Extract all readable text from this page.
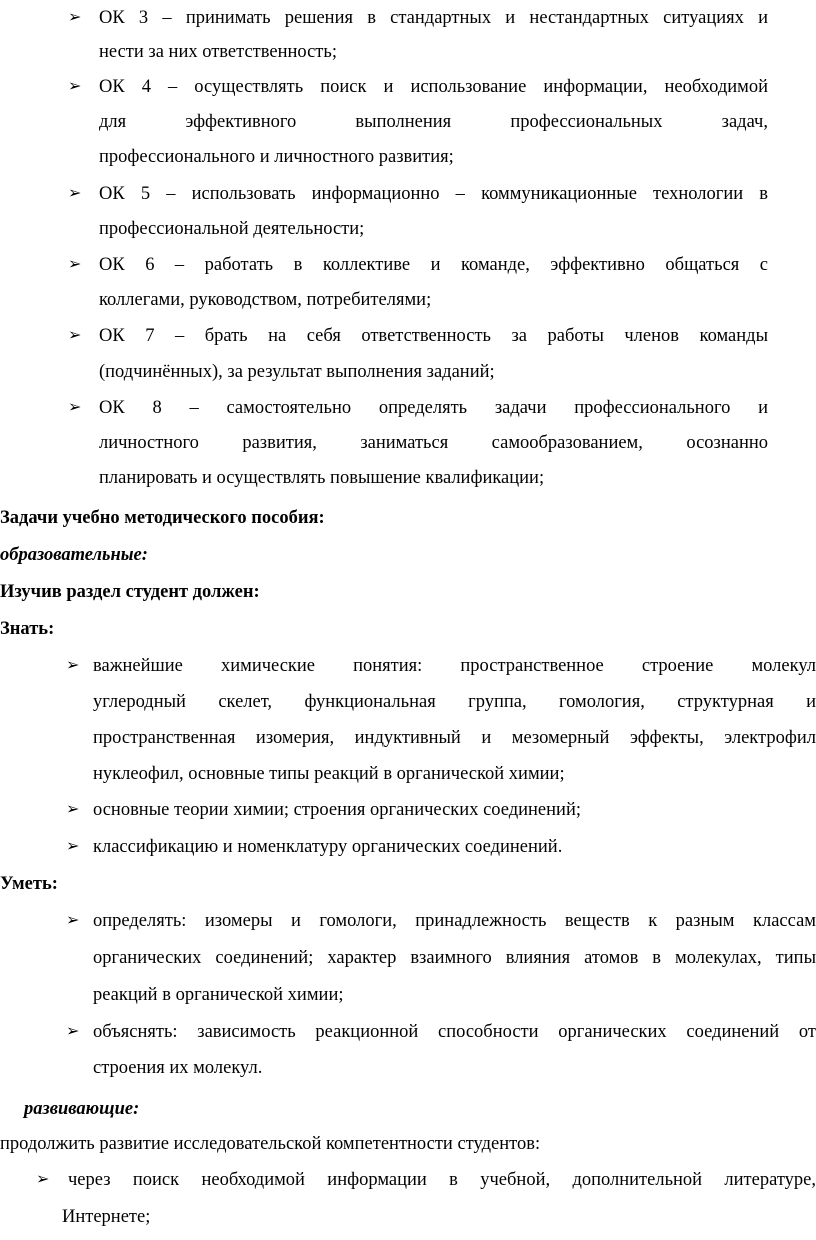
➢ ОК 3 – принимать решения в стандартных и нестандартных ситуациях и
нести за них ответственность;
➢ ОК 4 – осуществлять поиск и использование информации, необходимой
для эффективного выполнения профессиональных задач,
профессионального и личностного развития;
➢ ОК 5 – использовать информационно – коммуникационные технологии в
профессиональной деятельности;
➢ ОК 6 – работать в коллективе и команде, эффективно общаться с
коллегами, руководством, потребителями;
➢ ОК 7 – брать на себя ответственность за работы членов команды
(подчинённых), за результат выполнения заданий;
➢ ОК 8 – самостоятельно определять задачи профессионального и
личностного развития, заниматься самообразованием, осознанно
планировать и осуществлять повышение квалификации;
Задачи учебно методического пособия:
образовательные:
Изучив раздел студент должен:
Знать:
➢ важнейшие химические понятия: пространственное строение молекул
углеродный скелет, функциональная группа, гомология, структурная и
пространственная изомерия, индуктивный и мезомерный эффекты, электрофил
нуклеофил, основные типы реакций в органической химии;
➢ основные теории химии; строения органических соединений;
➢ классификацию и номенклатуру органических соединений.
Уметь:
➢ определять: изомеры и гомологи, принадлежность веществ к разным классам
органических соединений; характер взаимного влияния атомов в молекулах, типы
реакций в органической химии;
➢ объяснять: зависимость реакционной способности органических соединений от
строения их молекул.
развивающие:
продолжить развитие исследовательской компетентности студентов:
➢ через поиск необходимой информации в учебной, дополнительной литературе,
Интернете;
